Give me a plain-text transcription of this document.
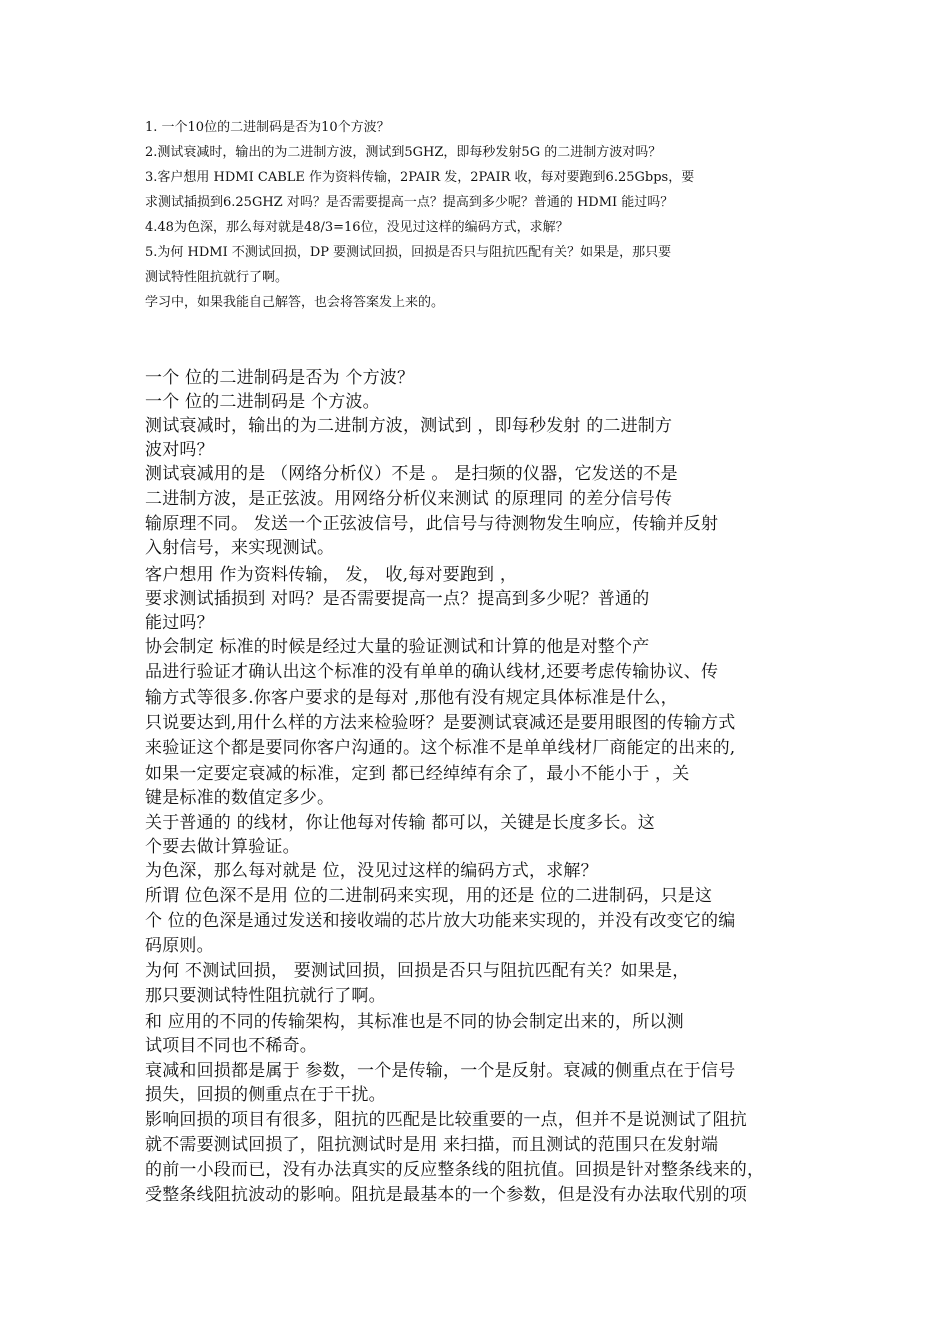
1. 一个10位的二进制码是否为10个方波？
2.测试衰减时，输出的为二进制方波，测试到5GHZ，即每秒发射5G 的二进制方波对吗？
3.客户想用 HDMI CABLE 作为资料传输，2PAIR 发，2PAIR 收，每对要跑到6.25Gbps，要
求测试插损到6.25GHZ 对吗？是否需要提高一点？提高到多少呢？普通的 HDMI 能过吗？
4.48为色深，那么每对就是48/3=16位，没见过这样的编码方式，求解？
5.为何 HDMI 不测试回损，DP 要测试回损，回损是否只与阻抗匹配有关？如果是，那只要
测试特性阻抗就行了啊。
学习中，如果我能自己解答，也会将答案发上来的。
一个 位的二进制码是否为 个方波？
一个 位的二进制码是 个方波。
测试衰减时，输出的为二进制方波，测试到 ，即每秒发射 的二进制方
波对吗？
测试衰减用的是 （网络分析仪）不是 。 是扫频的仪器，它发送的不是
二进制方波，是正弦波。用网络分析仪来测试 的原理同 的差分信号传
输原理不同。 发送一个正弦波信号，此信号与待测物发生响应，传输并反射
入射信号，来实现测试。
客户想用 作为资料传输， 发， 收,每对要跑到 ，
要求测试插损到 对吗？是否需要提高一点？提高到多少呢？普通的
能过吗？
协会制定 标准的时候是经过大量的验证测试和计算的他是对整个产
品进行验证才确认出这个标准的没有单单的确认线材,还要考虑传输协议、传
输方式等很多.你客户要求的是每对 ,那他有没有规定具体标准是什么，
只说要达到,用什么样的方法来检验呀？是要测试衰减还是要用眼图的传输方式
来验证这个都是要同你客户沟通的。这个标准不是单单线材厂商能定的出来的,
如果一定要定衰减的标准，定到 都已经绰绰有余了，最小不能小于 ，关
键是标准的数值定多少。
关于普通的 的线材，你让他每对传输 都可以，关键是长度多长。这
个要去做计算验证。
为色深，那么每对就是 位，没见过这样的编码方式，求解？
所谓 位色深不是用 位的二进制码来实现，用的还是 位的二进制码，只是这
个 位的色深是通过发送和接收端的芯片放大功能来实现的，并没有改变它的编
码原则。
为何 不测试回损， 要测试回损，回损是否只与阻抗匹配有关？如果是，
那只要测试特性阻抗就行了啊。
和 应用的不同的传输架构，其标准也是不同的协会制定出来的，所以测
试项目不同也不稀奇。
衰减和回损都是属于 参数，一个是传输，一个是反射。衰减的侧重点在于信号
损失，回损的侧重点在于干扰。
影响回损的项目有很多，阻抗的匹配是比较重要的一点，但并不是说测试了阻抗
就不需要测试回损了，阻抗测试时是用 来扫描，而且测试的范围只在发射端
的前一小段而已，没有办法真实的反应整条线的阻抗值。回损是针对整条线来的，
受整条线阻抗波动的影响。阻抗是最基本的一个参数，但是没有办法取代别的项
